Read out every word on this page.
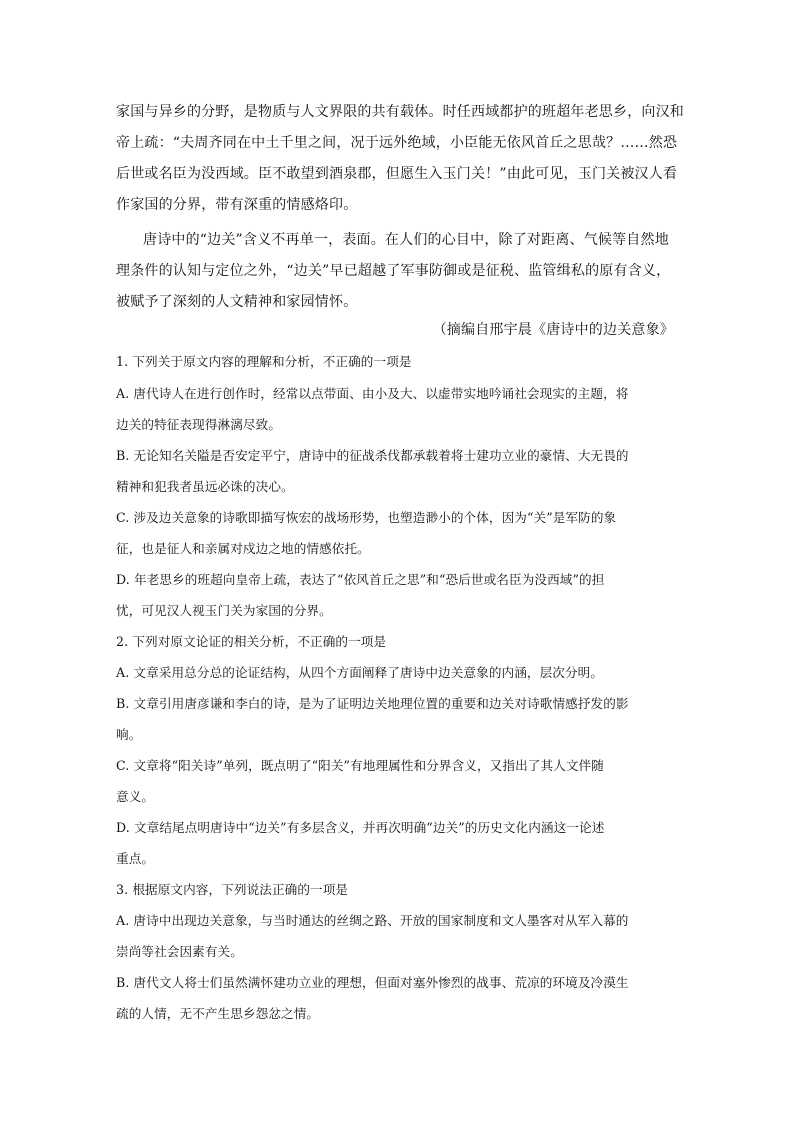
家国与异乡的分野，是物质与人文界限的共有载体。时任西域都护的班超年老思乡，向汉和
帝上疏：“夫周齐同在中土千里之间，况于远外绝域，小臣能无依风首丘之思哉？……然恐
后世或名臣为没西域。臣不敢望到酒泉郡，但愿生入玉门关！”由此可见，玉门关被汉人看
作家国的分界，带有深重的情感烙印。
唐诗中的“边关”含义不再单一，表面。在人们的心目中，除了对距离、气候等自然地
理条件的认知与定位之外，“边关”早已超越了军事防御或是征税、监管缉私的原有含义，
被赋予了深刻的人文精神和家园情怀。
（摘编自邢宇晨《唐诗中的边关意象》
1. 下列关于原文内容的理解和分析，不正确的一项是
A. 唐代诗人在进行创作时，经常以点带面、由小及大、以虚带实地吟诵社会现实的主题，将
边关的特征表现得淋漓尽致。
B. 无论知名关隘是否安定平宁，唐诗中的征战杀伐都承载着将士建功立业的豪情、大无畏的
精神和犯我者虽远必诛的决心。
C. 涉及边关意象的诗歌即描写恢宏的战场形势，也塑造渺小的个体，因为“关”是军防的象
征，也是征人和亲属对戍边之地的情感依托。
D. 年老思乡的班超向皇帝上疏，表达了“依风首丘之思”和“恐后世或名臣为没西域”的担
忧，可见汉人视玉门关为家国的分界。
2. 下列对原文论证的相关分析，不正确的一项是
A. 文章采用总分总的论证结构，从四个方面阐释了唐诗中边关意象的内涵，层次分明。
B. 文章引用唐彦谦和李白的诗，是为了证明边关地理位置的重要和边关对诗歌情感抒发的影
响。
C. 文章将“阳关诗”单列，既点明了“阳关”有地理属性和分界含义，又指出了其人文伴随
意义。
D. 文章结尾点明唐诗中“边关”有多层含义，并再次明确“边关”的历史文化内涵这一论述
重点。
3. 根据原文内容，下列说法正确的一项是
A. 唐诗中出现边关意象，与当时通达的丝绸之路、开放的国家制度和文人墨客对从军入幕的
崇尚等社会因素有关。
B. 唐代文人将士们虽然满怀建功立业的理想，但面对塞外惨烈的战事、荒凉的环境及冷漠生
疏的人情，无不产生思乡怨忿之情。
